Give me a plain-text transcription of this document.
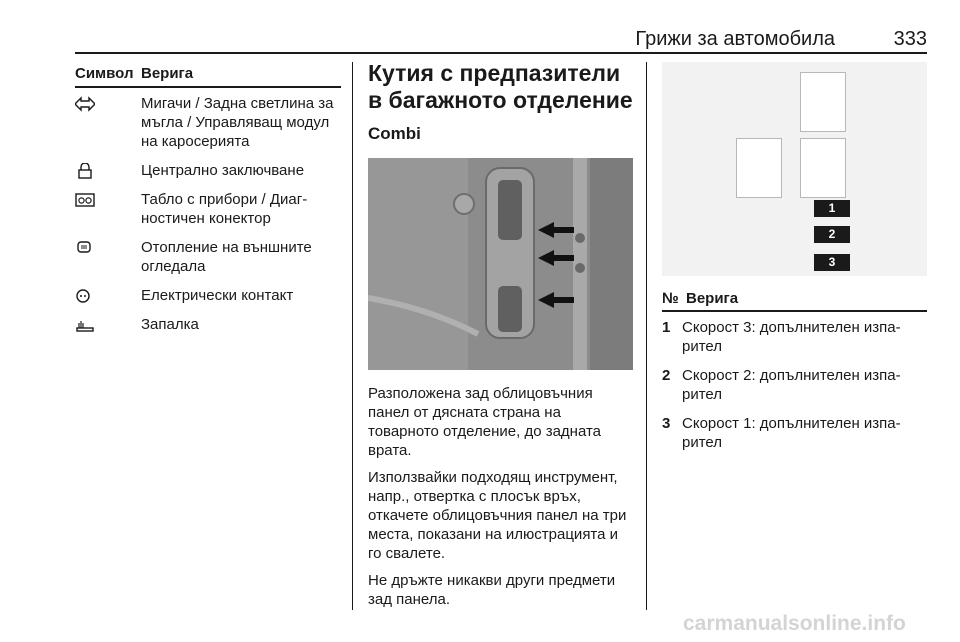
Грижи за автомобила	333
Символ Верига
Мигачи / Задна светлина за мъгла / Управляващ модул на каросерията
Централно заключване
Табло с прибори / Диаг-ностичен конектор
Отопление на външните огледала
Електрически контакт
Запалка
Кутия с предпазители в багажното отделение
Combi

Разположена зад облицовъчния панел от дясната страна на товарното отделение, до задната врата.

Използвайки подходящ инструмент, напр., отвертка с плосък връх, откачете облицовъчния панел на три места, показани на илюстрацията и го свалете.

Не дръжте никакви други предмети зад панела.

1
2
3
№ Верига
1 Скорост 3: допълнителен изпа-рител
2 Скорост 2: допълнителен изпа-рител
3 Скорост 1: допълнителен изпа-рител
carmanualsonline.info
